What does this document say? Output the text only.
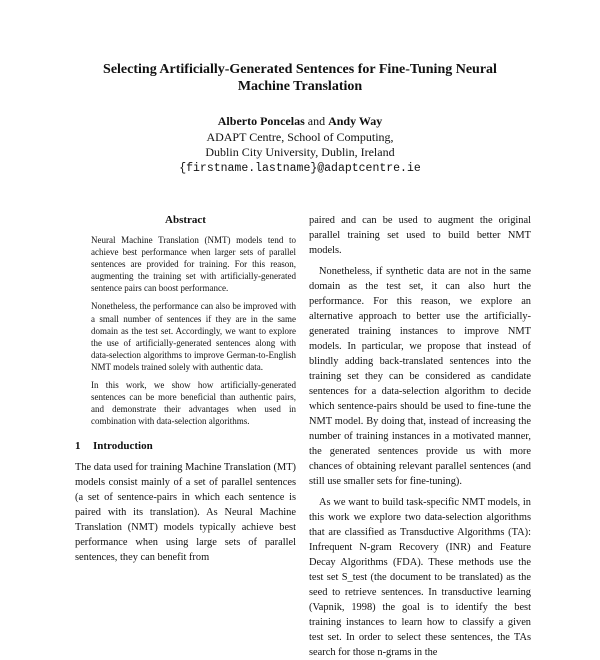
Selecting Artificially-Generated Sentences for Fine-Tuning Neural
Machine Translation
Alberto Poncelas and Andy Way
ADAPT Centre, School of Computing,
Dublin City University, Dublin, Ireland
{firstname.lastname}@adaptcentre.ie
Abstract

Neural Machine Translation (NMT) models tend to achieve best performance when larger sets of parallel sentences are provided for training. For this reason, augmenting the training set with artificially-generated sentence pairs can boost performance.

Nonetheless, the performance can also be improved with a small number of sentences if they are in the same domain as the test set. Accordingly, we want to explore the use of artificially-generated sentences along with data-selection algorithms to improve German-to-English NMT models trained solely with authentic data.

In this work, we show how artificially-generated sentences can be more beneficial than authentic pairs, and demonstrate their advantages when used in combination with data-selection algorithms.

1 Introduction

The data used for training Machine Translation (MT) models consist mainly of a set of parallel sentences (a set of sentence-pairs in which each sentence is paired with its translation). As Neural Machine Translation (NMT) models typically achieve best performance when using large sets of parallel sentences, they can benefit from

paired and can be used to augment the original parallel training set used to build better NMT models.

Nonetheless, if synthetic data are not in the same domain as the test set, it can also hurt the performance. For this reason, we explore an alternative approach to better use the artificially-generated training instances to improve NMT models. In particular, we propose that instead of blindly adding back-translated sentences into the training set they can be considered as candidate sentences for a data-selection algorithm to decide which sentence-pairs should be used to fine-tune the NMT model. By doing that, instead of increasing the number of training instances in a motivated manner, the generated sentences provide us with more chances of obtaining relevant parallel sentences (and still use smaller sets for fine-tuning).

As we want to build task-specific NMT models, in this work we explore two data-selection algorithms that are classified as Transductive Algorithms (TA): Infrequent N-gram Recovery (INR) and Feature Decay Algorithms (FDA). These methods use the test set S_test (the document to be translated) as the seed to retrieve sentences. In transductive learning (Vapnik, 1998) the goal is to identify the best training instances to learn how to classify a given test set. In order to select these sentences, the TAs search for those n-grams in the
